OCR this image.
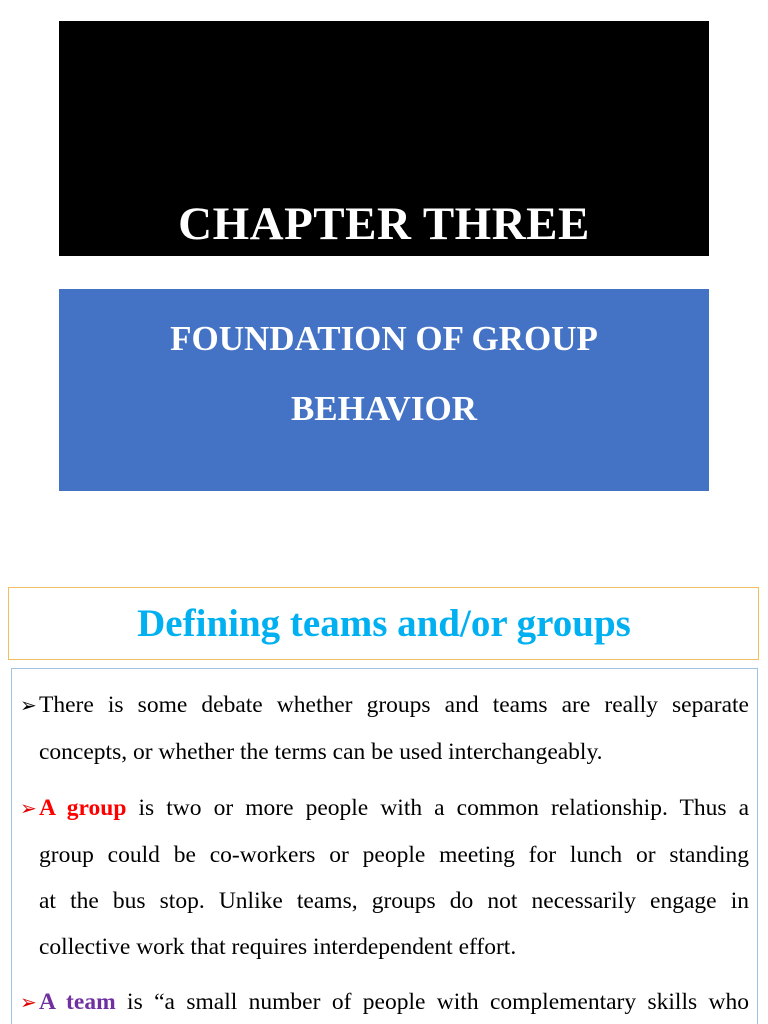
CHAPTER THREE
FOUNDATION OF GROUP
BEHAVIOR
Defining teams and/or groups
➢There is some debate whether groups and teams are really separate
concepts, or whether the terms can be used interchangeably.
➢A group is two or more people with a common relationship. Thus a
group could be co-workers or people meeting for lunch or standing
at the bus stop. Unlike teams, groups do not necessarily engage in
collective work that requires interdependent effort.
➢A team is “a small number of people with complementary skills who
